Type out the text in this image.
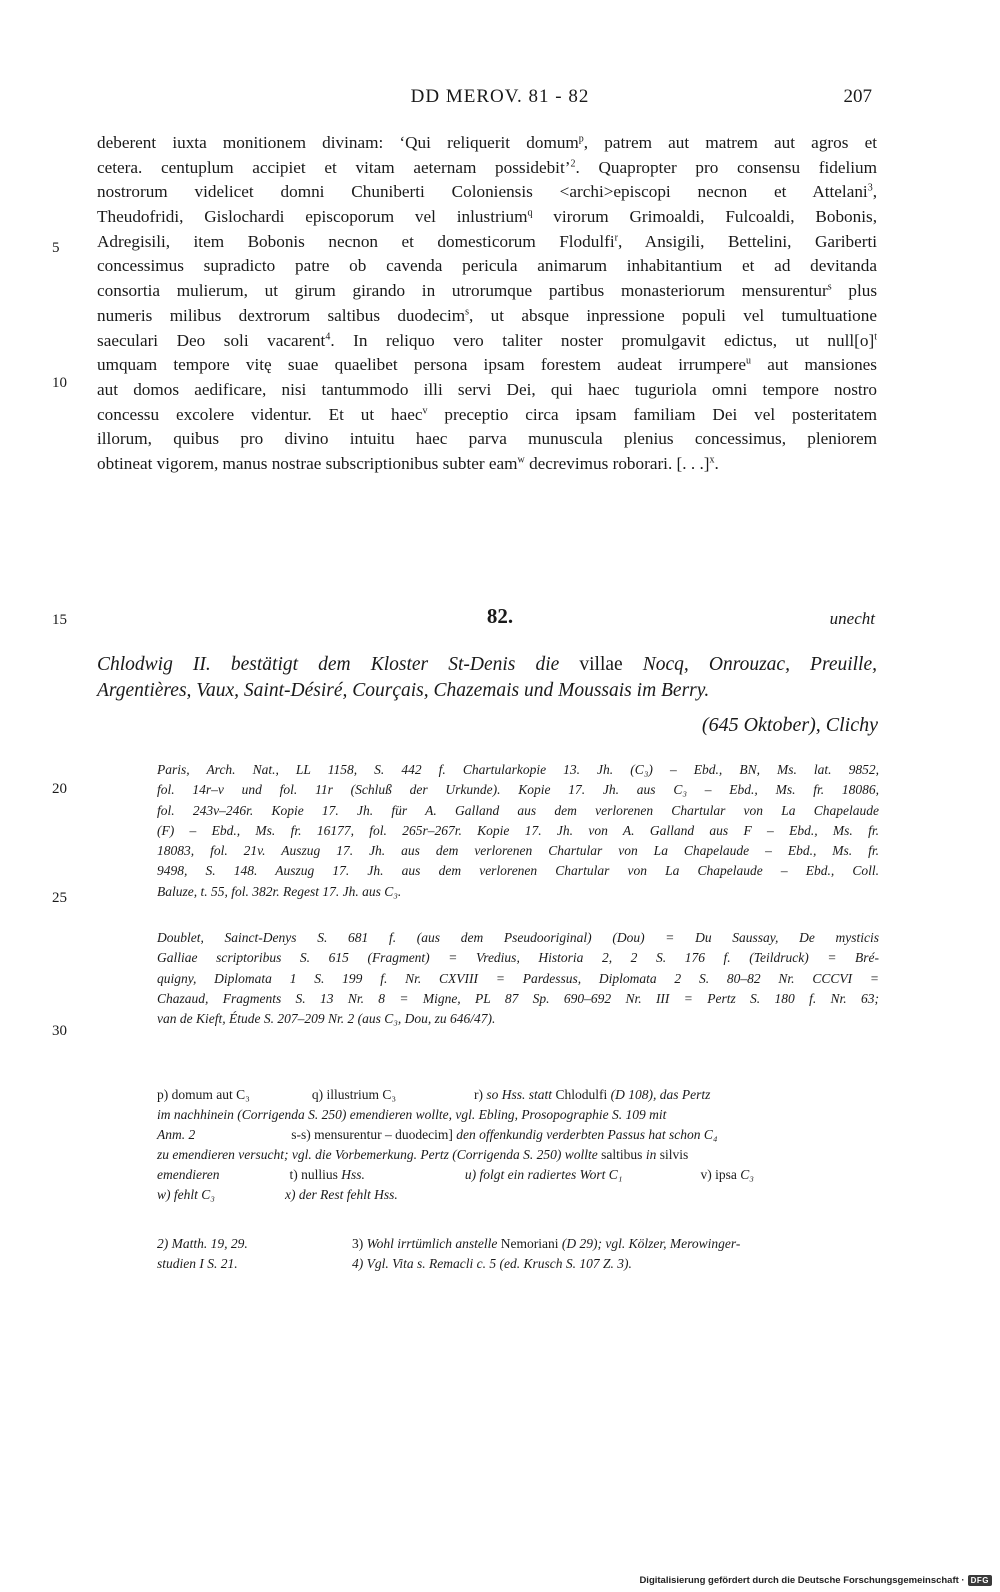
DD MEROV. 81 - 82	207
5
10
15
20
25
30
deberent iuxta monitionem divinam: ‘Qui reliquerit domum$^p$, patrem aut matrem aut agros et
cetera. centuplum accipiet et vitam aeternam possidebit’$^2$. Quapropter pro consensu fidelium
nostrorum videlicet domni Chuniberti Coloniensis <archi>episcopi necnon et Attelani$^3$,
Theudofridi, Gislochardi episcoporum vel inlustrium$^q$ virorum Grimoaldi, Fulcoaldi, Bobonis,
Adregisili, item Bobonis necnon et domesticorum Flodulfi$^r$, Ansigili, Bettelini, Gariberti
concessimus supradicto patre ob cavenda pericula animarum inhabitantium et ad devitanda
consortia mulierum, ut girum girando in utrorumque partibus monasteriorum mensurentur$^s$ plus
numeris milibus dextrorum saltibus duodecim$^s$, ut absque inpressione populi vel tumultuatione
saeculari Deo soli vacarent$^4$. In reliquo vero taliter noster promulgavit edictus, ut $null[o]^t$
umquam tempore vitę suae quaelibet persona ipsam forestem audeat irrumpere$^u$ aut mansiones
aut domos aedificare, nisi tantummodo illi servi Dei, qui haec tuguriola omni tempore nostro
concessu excolere videntur. Et ut haec$^v$ preceptio circa ipsam familiam Dei vel posteritatem
illorum, quibus pro divino intuitu haec parva munuscula plenius concessimus, pleniorem
obtineat vigorem, manus nostrae subscriptionibus subter eam$^w$ decrevimus roborari. [. . .]$^x$.
82.	unecht
Chlodwig II. bestätigt dem Kloster St-Denis die villae Nocq, Onrouzac, Preuille,
Argentières, Vaux, Saint-Désiré, Courçais, Chazemais und Moussais im Berry.
(645 Oktober), Clichy
Paris, Arch. Nat., LL 1158, S. 442 f. Chartularkopie 13. Jh. (C₃) – Ebd., BN, Ms. lat. 9852,
fol. 14r–v und fol. 11r (Schluß der Urkunde). Kopie 17. Jh. aus C₃ – Ebd., Ms. fr. 18086,
fol. 243v–246r. Kopie 17. Jh. für A. Galland aus dem verlorenen Chartular von La Chapelaude
(F) – Ebd., Ms. fr. 16177, fol. 265r–267r. Kopie 17. Jh. von A. Galland aus F – Ebd., Ms. fr.
18083, fol. 21v. Auszug 17. Jh. aus dem verlorenen Chartular von La Chapelaude – Ebd., Ms. fr.
9498, S. 148. Auszug 17. Jh. aus dem verlorenen Chartular von La Chapelaude – Ebd., Coll.
Baluze, t. 55, fol. 382r. Regest 17. Jh. aus C₃.
Doublet, Sainct-Denys S. 681 f. (aus dem Pseudooriginal) (Dou) = Du Saussay, De mysticis
Galliae scriptoribus S. 615 (Fragment) = Vredius, Historia 2, 2 S. 176 f. (Teildruck) = Bré-
quigny, Diplomata 1 S. 199 f. Nr. CXVIII = Pardessus, Diplomata 2 S. 80–82 Nr. CCCVI =
Chazaud, Fragments S. 13 Nr. 8 = Migne, PL 87 Sp. 690–692 Nr. III = Pertz S. 180 f. Nr. 63;
van de Kieft, Étude S. 207–209 Nr. 2 (aus C₃, Dou, zu 646/47).
p) domum aut C₃	q) illustrium C₃	r) so Hss. statt Chlodulfi (D 108), das Pertz
im nachhinein (Corrigenda S. 250) emendieren wollte, vgl. Ebling, Prosopographie S. 109 mit
Anm. 2	s-s) mensurentur – duodecim] den offenkundig verderbten Passus hat schon C₄
zu emendieren versucht; vgl. die Vorbemerkung. Pertz (Corrigenda S. 250) wollte saltibus in silvis
emendieren	t) nullius Hss.	u) folgt ein radiertes Wort C₁	v) ipsa C₃
w) fehlt C₃	x) der Rest fehlt Hss.
2) Matth. 19, 29.	3) Wohl irrtümlich anstelle Nemoriani (D 29); vgl. Kölzer, Merowinger-
studien I S. 21.	4) Vgl. Vita s. Remacli c. 5 (ed. Krusch S. 107 Z. 3).
Digitalisierung gefördert durch die Deutsche Forschungsgemeinschaft · DFG
